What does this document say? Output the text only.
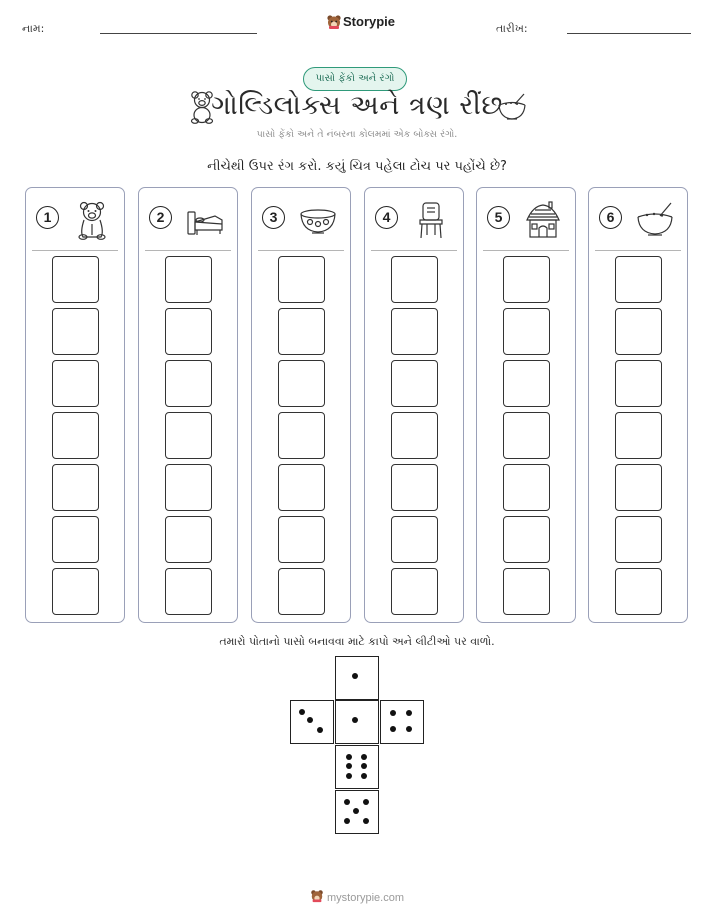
નામ:	Storypie	તારીખ:
પાસો ફેંકો અને રંગો
ગોલ્ડિલોક્સ અને ત્રણ રીંછ
પાસો ફેંકો અને તે નંબરના કોલમમાં એક બોક્સ રંગો.
નીચેથી ઉપર રંગ કરો. કયું ચિત્ર પહેલા ટોચ પર પહોંચે છે?
1	2	3	4	5	6
તમારો પોતાનો પાસો બનાવવા માટે કાપો અને લીટીઓ પર વાળો.
mystorypie.com
